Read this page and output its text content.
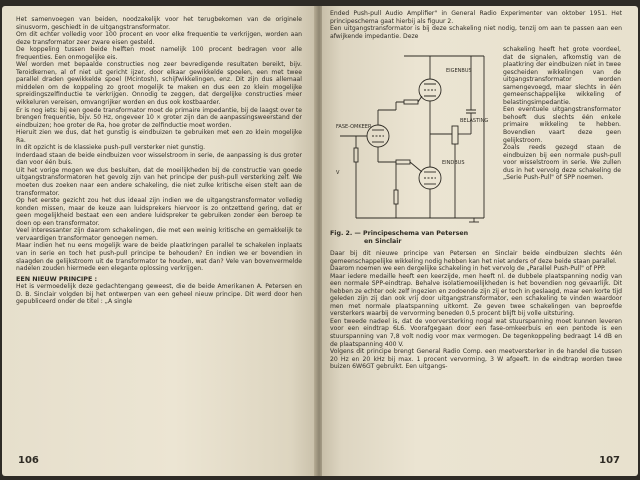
Het samenvoegen van beiden, noodzakelijk voor het terugbekomen van de originele sinusvorm, geschiedt in de uitgangstransformator.

Om dit echter volledig voor 100 procent en voor elke frequentie te verkrijgen, worden aan deze transformator zeer zware eisen gesteld.

De koppeling tussen beide helften moet namelijk 100 procent bedragen voor alle frequenties. Een onmogelijke eis.

Wel worden met bepaalde constructies nog zeer bevredigende resultaten bereikt, bijv. Teroidkernen, al of niet uit gericht ijzer, door elkaar gewikkelde spoelen, een met twee parallel draden gewikkelde spoel (Mcintosh), schijfwikkelingen, enz. Dit zijn dus allemaal middelen om de koppeling zo groot mogelijk te maken en dus een zo klein mogelijke spreidingszelfinductie te verkrijgen. Onnodig te zeggen, dat dergelijke constructies meer wikkeluren vereisen, omvangrijker worden en dus ook kostbaarder.

Er is nog iets: bij een goede transformator moet de primaire impedantie, bij de laagst over te brengen frequentie, bijv. 50 Hz, ongeveer 10 × groter zijn dan de aanpassingsweerstand der eindbuizen; hoe groter de Ra, hoe groter de zelfinductie moet worden.

Hieruit zien we dus, dat het gunstig is eindbuizen te gebruiken met een zo klein mogelijke Ra.

In dit opzicht is de klassieke push-pull versterker niet gunstig.

Inderdaad staan de beide eindbuizen voor wisselstroom in serie, de aanpassing is dus groter dan voor één buis.

Uit het vorige mogen we dus besluiten, dat de moeilijkheden bij de constructie van goede uitgangstransformatoren het gevolg zijn van het principe der push-pull versterking zelf. We moeten dus zoeken naar een andere schakeling, die niet zulke kritische eisen stelt aan de transformator.

Op het eerste gezicht zou het dus ideaal zijn indien we de uitgangstransformator volledig konden missen, maar de keuze aan luidsprekers hiervoor is zo ontzettend gering, dat er geen mogelijkheid bestaat een een andere luidspreker te gebruiken zonder een beroep te doen op een transformator.

Veel interessanter zijn daarom schakelingen, die met een weinig kritische en gemakkelijk te vervaardigen transformator genoegen nemen.

Maar indien het nu eens mogelijk ware de beide plaatkringen parallel te schakelen inplaats van in serie en toch het push-pull principe te behouden? En indien we er bovendien in slaagden de gelijkstroom uit de transformator te houden, wat dan? Vele van bovenvermelde nadelen zouden hiermede een elegante oplossing verkrijgen.

EEN NIEUW PRINCIPE :

Het is vermoedelijk deze gedachtengang geweest, die de beide Amerikanen A. Petersen en D. B. Sinclair volgden bij het ontwerpen van een geheel nieuw principe. Dit werd door hen gepubliceerd onder de titel : „A single

106

Ended Push-pull Audio Amplifier" in General Radio Experimenter van oktober 1951. Het principeschema gaat hierbij als figuur 2.

Een uitgangstransformator is bij deze schakeling niet nodig, tenzij om aan te passen aan een afwijkende impedantie. Deze

EIGENBUS
BELASTING
EINDBUS
FASE-OMKEER
V
Fig. 2. — Principeschema van Petersen
en Sinclair

schakeling heeft het grote voordeel, dat de signalen, afkomstig van de plaatkring der eindbuizen niet in twee gescheiden wikkelingen van de uitgangstransformator worden samengevoegd, maar slechts in één gemeenschappelijke wikkeling of belastingsimpedantie.

Een eventuele uitgangstransformator behoeft dus slechts één enkele primaire wikkeling te hebben. Bovendien vaart deze geen gelijkstroom.

Zoals reeds gezegd staan de eindbuizen bij een normale push-pull voor wisselstroom in serie. We zullen dus in het vervolg deze schakeling de „Serie Push-Pull" of SPP noemen.

Daar bij dit nieuwe principe van Petersen en Sinclair beide eindbuizen slechts één gemeenschappelijke wikkeling nodig hebben kan het niet anders of deze beide staan parallel.

Daarom noemen we een dergelijke schakeling in het vervolg de „Parallel Push-Pull" of PPP.

Maar iedere medaille heeft een keerzijde, men heeft nl. de dubbele plaatspanning nodig van een normale SPP-eindtrap. Behalve isolatiemoeilijkheden is het bovendien nog gevaarlijk. Dit hebben ze echter ook zelf ingezien en zodoende zijn zij er toch in geslaagd, maar een korte tijd geleden zijn zij dan ook vrij door uitgangstransformator, een schakeling te vinden waardoor men met normale plaatspanning uitkomt. Ze geven twee schakelingen van beproefde versterkers waarbij de vervorming beneden 0,5 procent blijft bij volle uitsturing.

Een tweede nadeel is, dat de voorversterking nogal wat stuurspanning moet kunnen leveren voor een eindtrap 6L6. Voorafgegaan door een fase-omkeerbuis en een pentode is een stuurspanning van 7,8 volt nodig voor max vermogen. De tegenkoppeling bedraagt 14 dB en de plaatspanning 400 V.

Volgens dit principe brengt General Radio Comp. een meetversterker in de handel die tussen 20 Hz en 20 kHz bij max. 1 procent vervorming, 3 W afgeeft. In de eindtrap worden twee buizen 6W6GT gebruikt. Een uitgangs-

107
